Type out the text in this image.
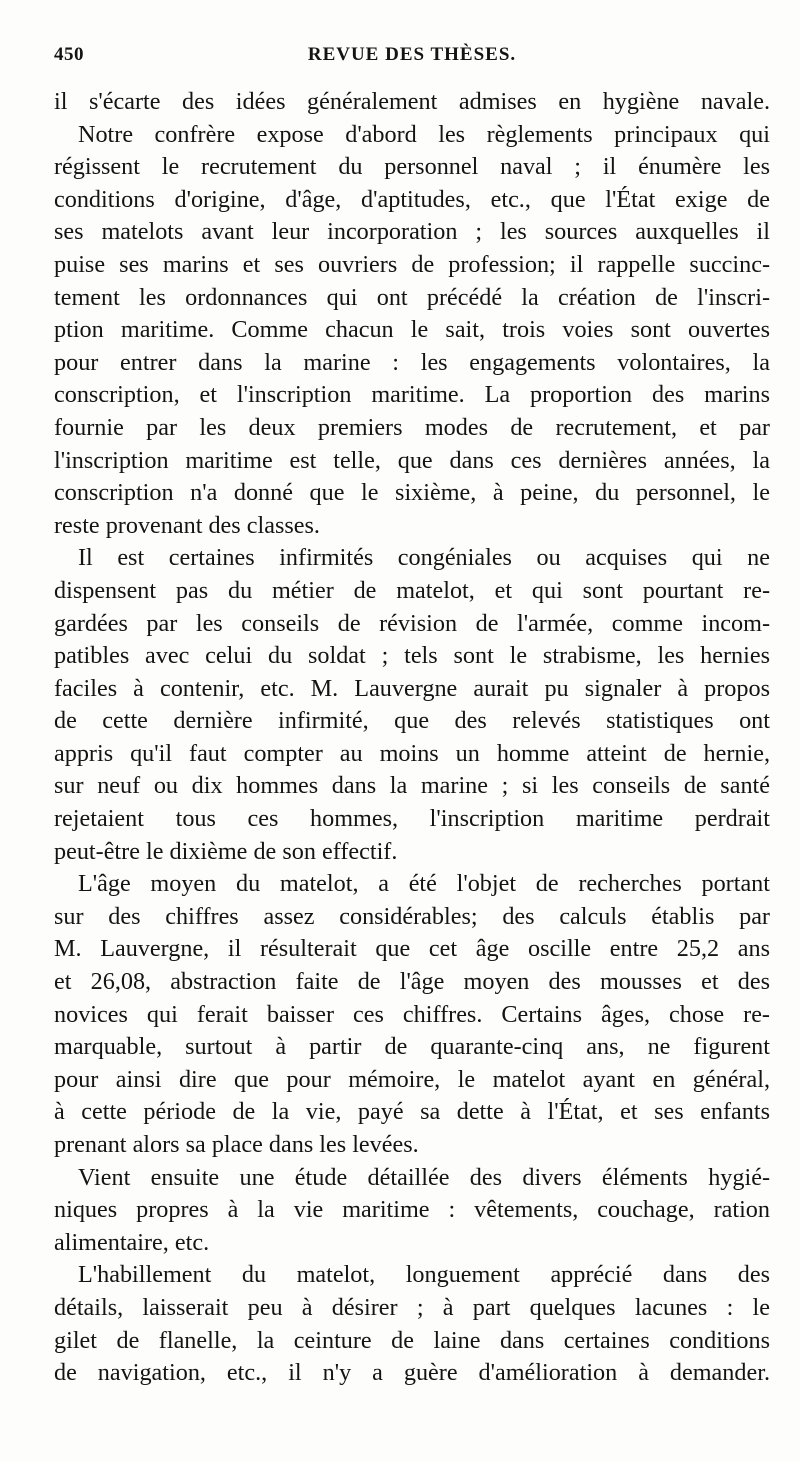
450	REVUE DES THÈSES.
il s'écarte des idées généralement admises en hygiène navale.
Notre confrère expose d'abord les règlements principaux qui
régissent le recrutement du personnel naval ; il énumère les
conditions d'origine, d'âge, d'aptitudes, etc., que l'État exige de
ses matelots avant leur incorporation ; les sources auxquelles il
puise ses marins et ses ouvriers de profession; il rappelle succinc-
tement les ordonnances qui ont précédé la création de l'inscri-
ption maritime. Comme chacun le sait, trois voies sont ouvertes
pour entrer dans la marine : les engagements volontaires, la
conscription, et l'inscription maritime. La proportion des marins
fournie par les deux premiers modes de recrutement, et par
l'inscription maritime est telle, que dans ces dernières années, la
conscription n'a donné que le sixième, à peine, du personnel, le
reste provenant des classes.
Il est certaines infirmités congéniales ou acquises qui ne
dispensent pas du métier de matelot, et qui sont pourtant re-
gardées par les conseils de révision de l'armée, comme incom-
patibles avec celui du soldat ; tels sont le strabisme, les hernies
faciles à contenir, etc. M. Lauvergne aurait pu signaler à propos
de cette dernière infirmité, que des relevés statistiques ont
appris qu'il faut compter au moins un homme atteint de hernie,
sur neuf ou dix hommes dans la marine ; si les conseils de santé
rejetaient tous ces hommes, l'inscription maritime perdrait
peut-être le dixième de son effectif.
L'âge moyen du matelot, a été l'objet de recherches portant
sur des chiffres assez considérables; des calculs établis par
M. Lauvergne, il résulterait que cet âge oscille entre 25,2 ans
et 26,08, abstraction faite de l'âge moyen des mousses et des
novices qui ferait baisser ces chiffres. Certains âges, chose re-
marquable, surtout à partir de quarante-cinq ans, ne figurent
pour ainsi dire que pour mémoire, le matelot ayant en général,
à cette période de la vie, payé sa dette à l'État, et ses enfants
prenant alors sa place dans les levées.
Vient ensuite une étude détaillée des divers éléments hygié-
niques propres à la vie maritime : vêtements, couchage, ration
alimentaire, etc.
L'habillement du matelot, longuement apprécié dans des
détails, laisserait peu à désirer ; à part quelques lacunes : le
gilet de flanelle, la ceinture de laine dans certaines conditions
de navigation, etc., il n'y a guère d'amélioration à demander.
